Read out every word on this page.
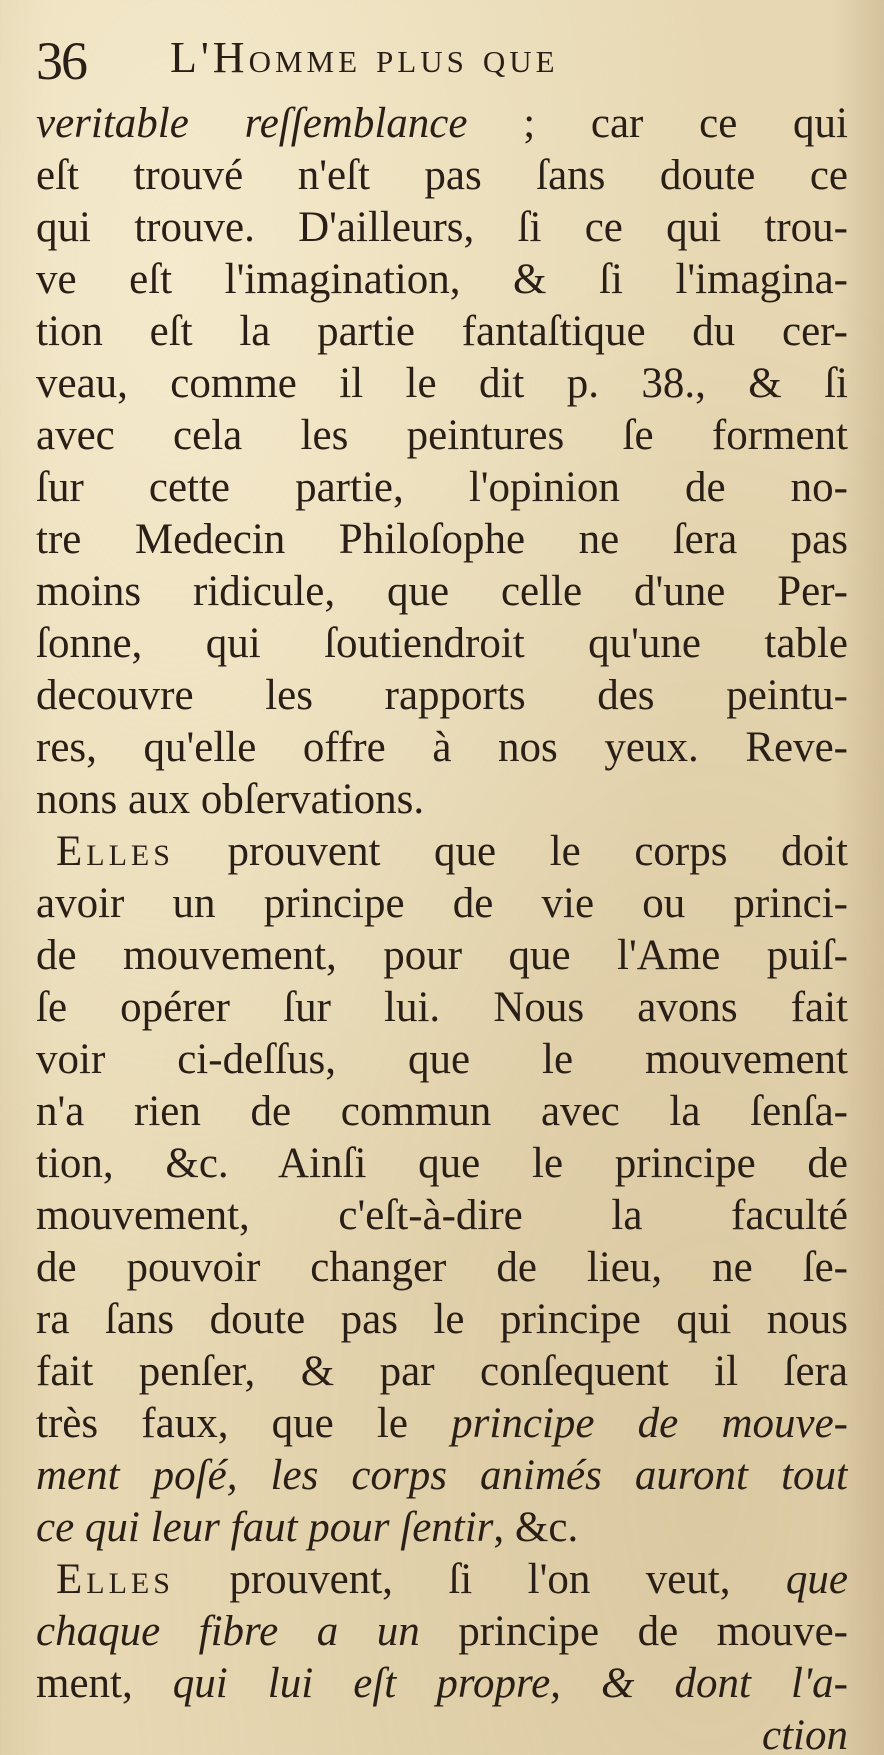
36 L'Homme plus que
veritable reſſemblance ; car ce qui
eſt trouvé n'eſt pas ſans doute ce
qui trouve. D'ailleurs, ſi ce qui trou-
ve eſt l'imagination, & ſi l'imagina-
tion eſt la partie fantaſtique du cer-
veau, comme il le dit p. 38., & ſi
avec cela les peintures ſe forment
ſur cette partie, l'opinion de no-
tre Medecin Philoſophe ne ſera pas
moins ridicule, que celle d'une Per-
ſonne, qui ſoutiendroit qu'une table
decouvre les rapports des peintu-
res, qu'elle offre à nos yeux. Reve-
nons aux obſervations.
Elles prouvent que le corps doit
avoir un principe de vie ou princi-
de mouvement, pour que l'Ame puiſ-
ſe opérer ſur lui. Nous avons fait
voir ci-deſſus, que le mouvement
n'a rien de commun avec la ſenſa-
tion, &c. Ainſi que le principe de
mouvement, c'eſt-à-dire la faculté
de pouvoir changer de lieu, ne ſe-
ra ſans doute pas le principe qui nous
fait penſer, & par conſequent il ſera
très faux, que le principe de mouve-
ment poſé, les corps animés auront tout
ce qui leur faut pour ſentir, &c.
Elles prouvent, ſi l'on veut, que
chaque fibre a un principe de mouve-
ment, qui lui eſt propre, & dont l'a-
ction
